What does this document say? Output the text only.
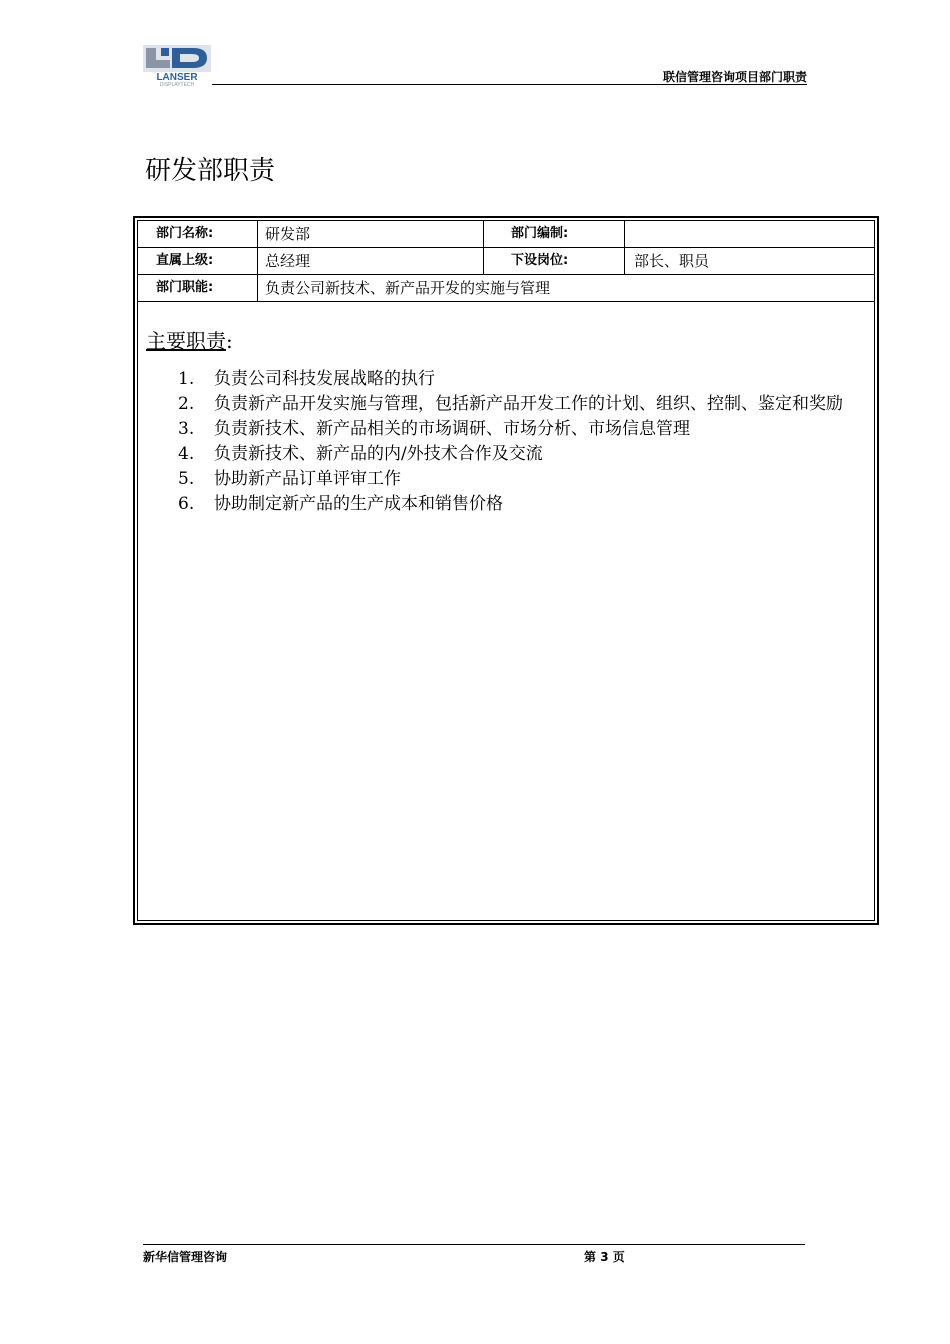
LANSER
DISPLAYTECH
联信管理咨询项目部门职责
研发部职责
部门名称:	研发部	部门编制:
直属上级:	总经理	下设岗位:	部长、职员
部门职能:	负责公司新技术、新产品开发的实施与管理
主要职责:
1. 负责公司科技发展战略的执行
2. 负责新产品开发实施与管理，包括新产品开发工作的计划、组织、控制、鉴定和奖励
3. 负责新技术、新产品相关的市场调研、市场分析、市场信息管理
4. 负责新技术、新产品的内/外技术合作及交流
5. 协助新产品订单评审工作
6. 协助制定新产品的生产成本和销售价格
新华信管理咨询	第 3 页
